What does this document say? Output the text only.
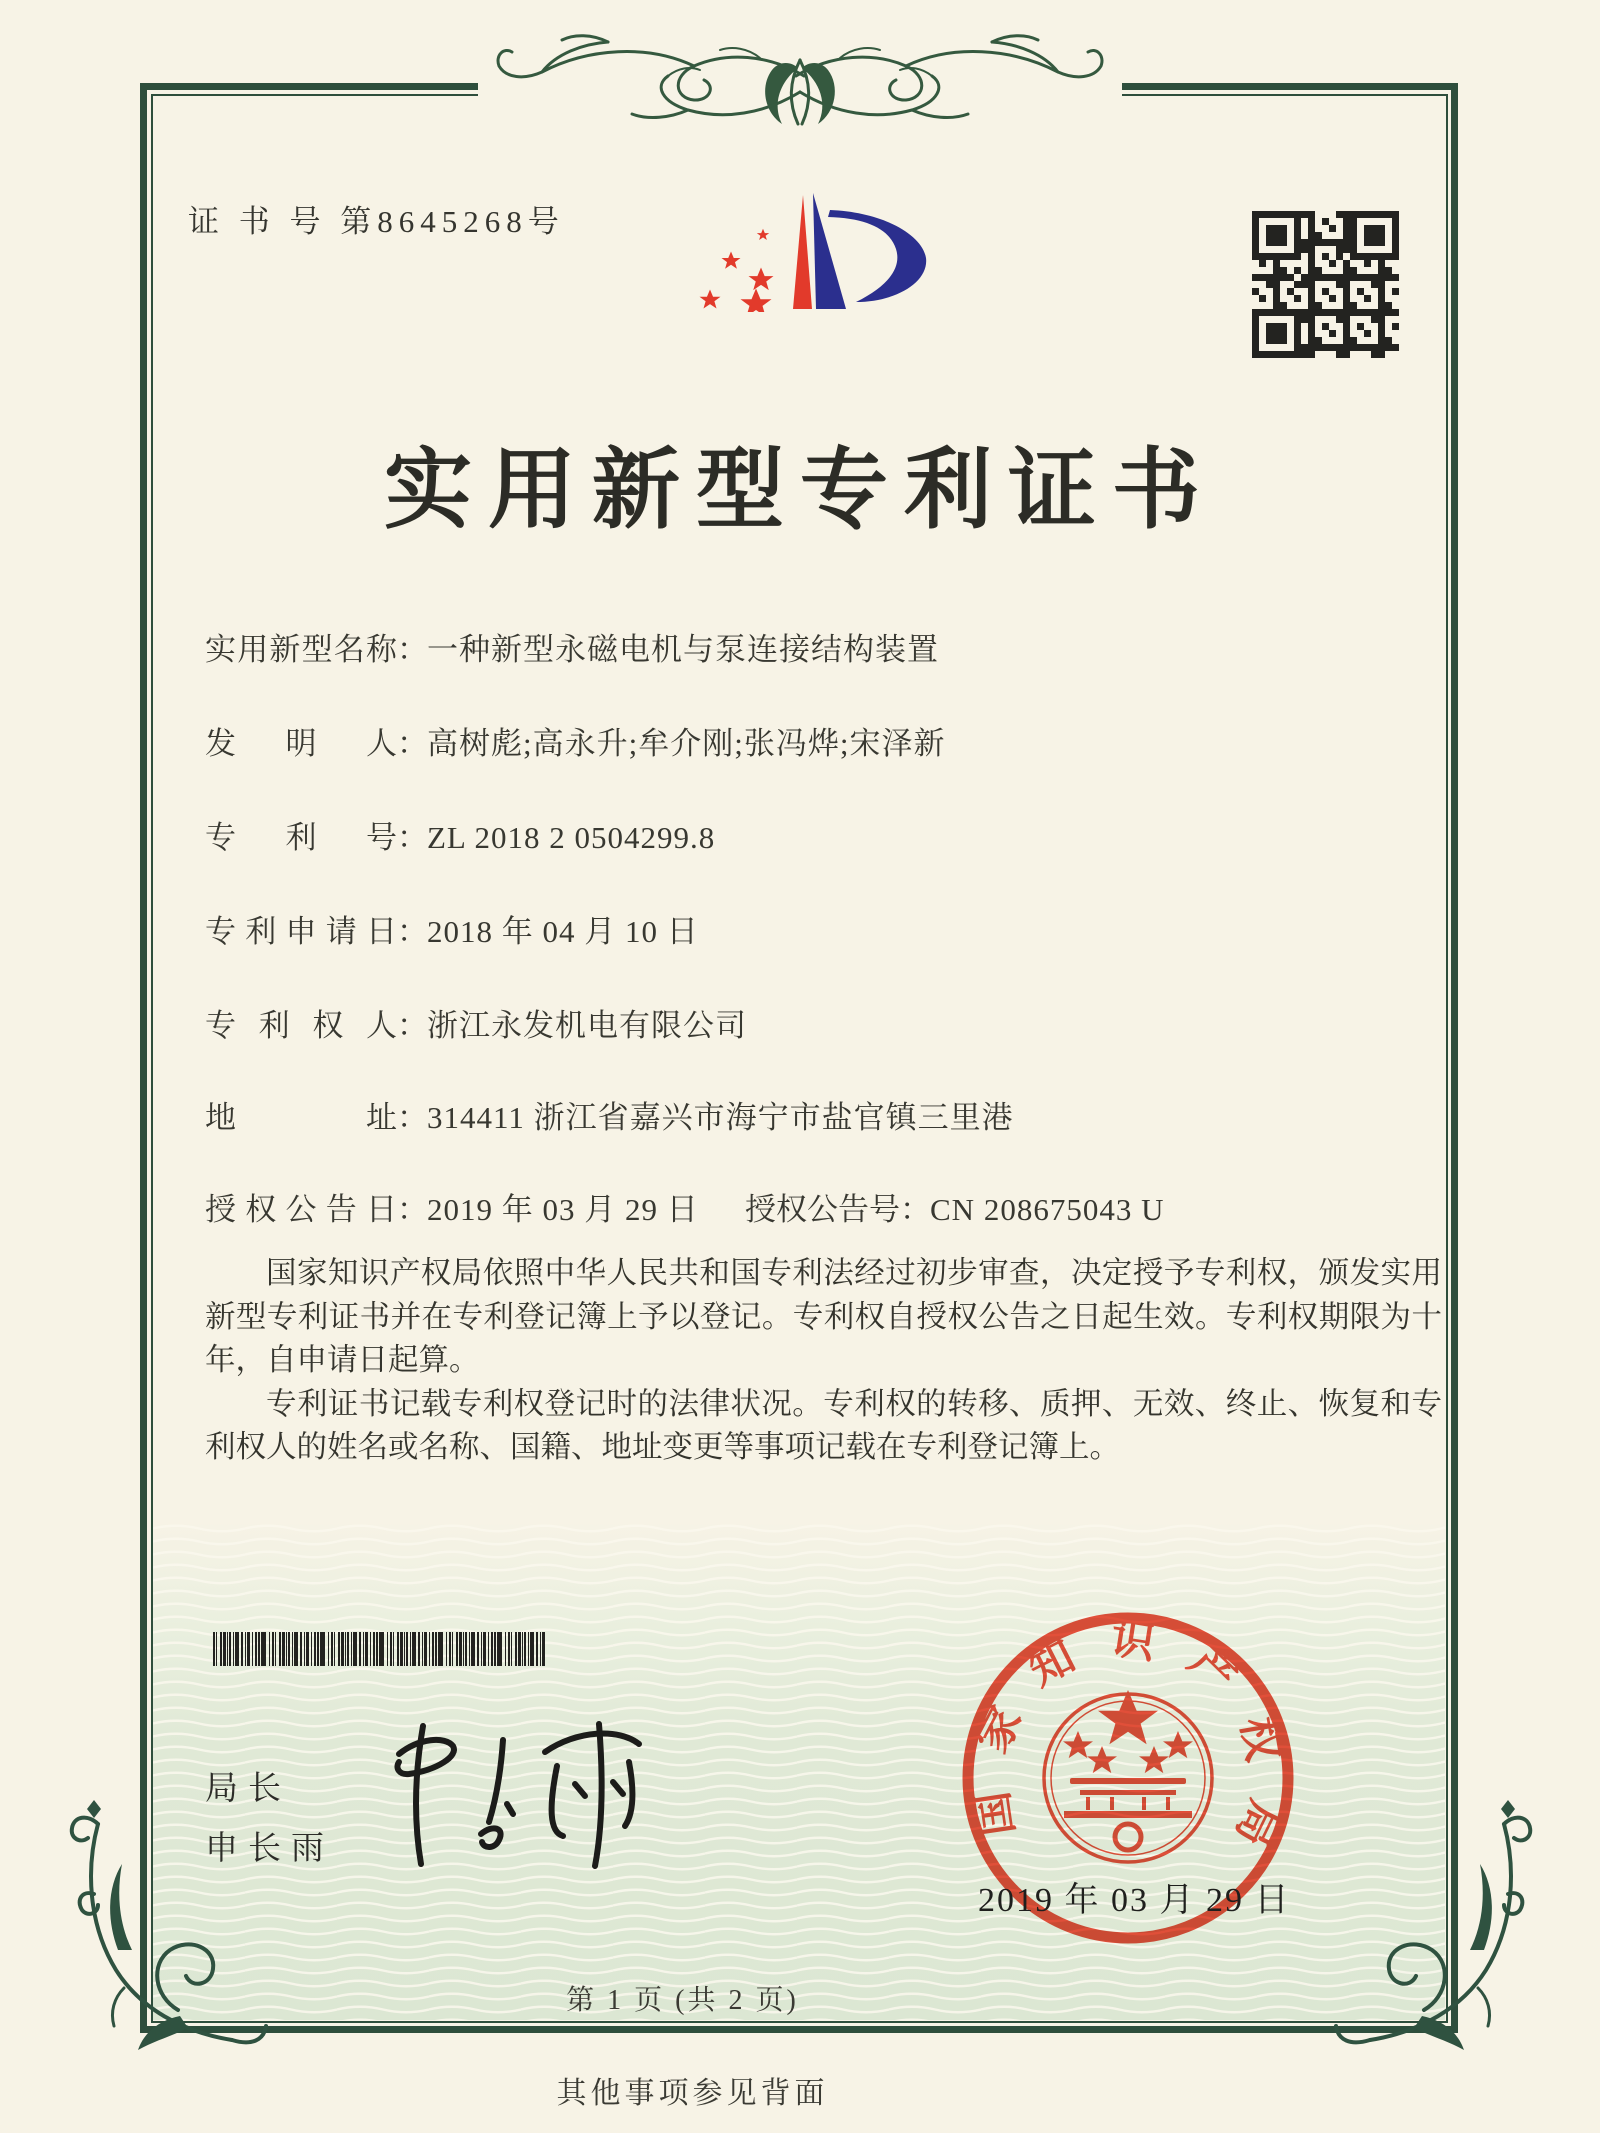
证 书 号 第8645268号
实用新型专利证书
实用新型名称：一种新型永磁电机与泵连接结构装置
发明人：高树彪;高永升;牟介刚;张冯烨;宋泽新
专利号：ZL 2018 2 0504299.8
专利申请日：2018 年 04 月 10 日
专利权人：浙江永发机电有限公司
地址：314411 浙江省嘉兴市海宁市盐官镇三里港
授权公告日：2019 年 03 月 29 日 授权公告号：CN 208675043 U

国家知识产权局依照中华人民共和国专利法经过初步审查，决定授予专利权，颁发实用新型专利证书并在专利登记簿上予以登记。专利权自授权公告之日起生效。专利权期限为十年，自申请日起算。

专利证书记载专利权登记时的法律状况。专利权的转移、质押、无效、终止、恢复和专利权人的姓名或名称、国籍、地址变更等事项记载在专利登记簿上。

局长
申长雨
国家知识产权局
2019 年 03 月 29 日
第 1 页 (共 2 页)
其他事项参见背面
